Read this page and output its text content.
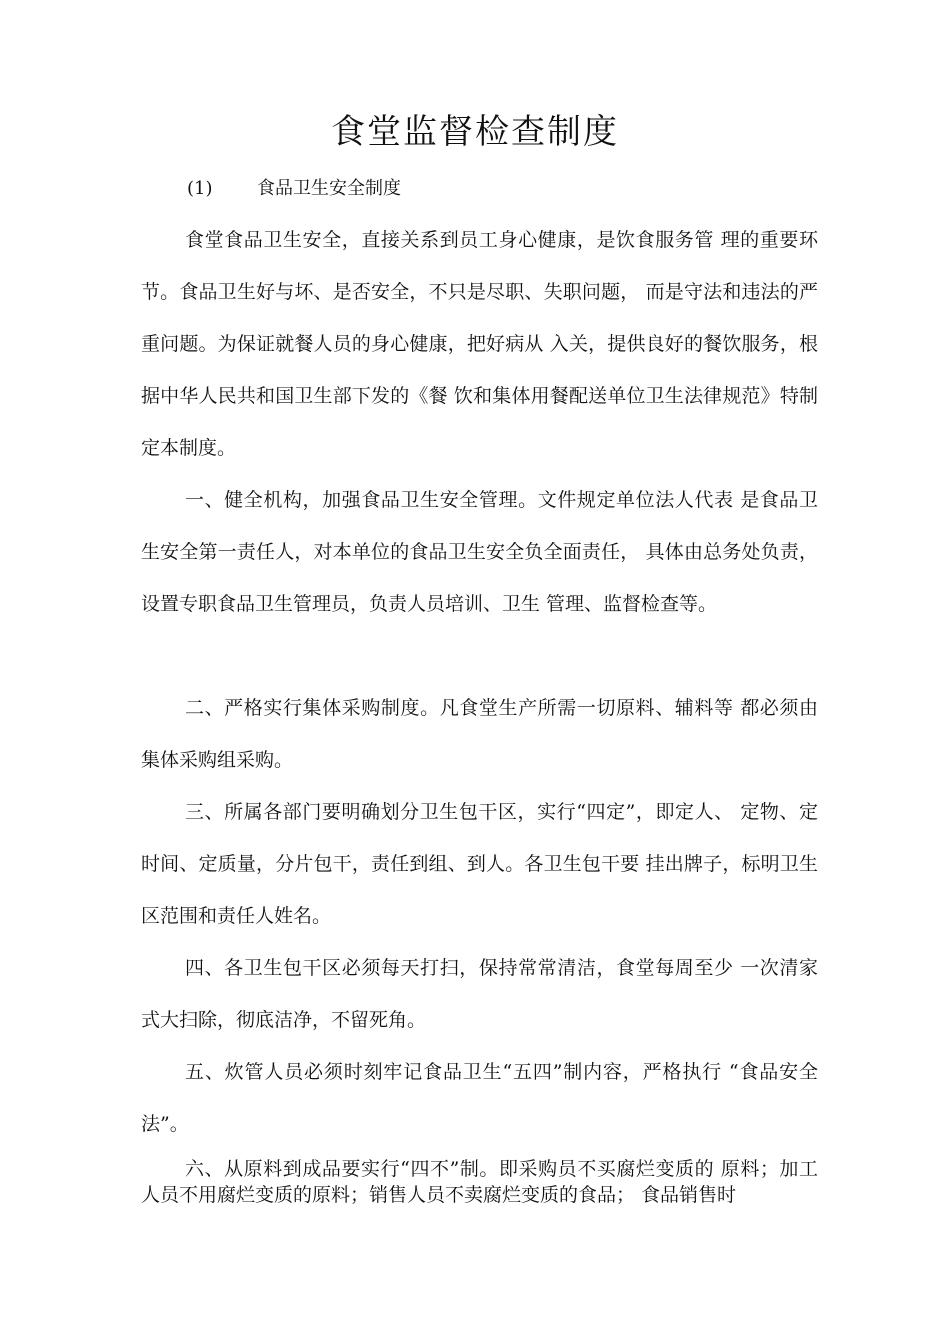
食堂监督检查制度
(1) 食品卫生安全制度

食堂食品卫生安全，直接关系到员工身心健康，是饮食服务管 理的重要环节。食品卫生好与坏、是否安全，不只是尽职、失职问题， 而是守法和违法的严重问题。为保证就餐人员的身心健康，把好病从 入关，提供良好的餐饮服务，根据中华人民共和国卫生部下发的《餐 饮和集体用餐配送单位卫生法律规范》特制定本制度。

一、健全机构，加强食品卫生安全管理。文件规定单位法人代表 是食品卫生安全第一责任人，对本单位的食品卫生安全负全面责任， 具体由总务处负责，设置专职食品卫生管理员，负责人员培训、卫生 管理、监督检查等。

二、严格实行集体采购制度。凡食堂生产所需一切原料、辅料等 都必须由集体采购组采购。

三、所属各部门要明确划分卫生包干区，实行“四定”，即定人、 定物、定时间、定质量，分片包干，责任到组、到人。各卫生包干要 挂出牌子，标明卫生区范围和责任人姓名。

四、各卫生包干区必须每天打扫，保持常常清洁，食堂每周至少 一次清家式大扫除，彻底洁净，不留死角。

五、炊管人员必须时刻牢记食品卫生“五四”制内容，严格执行 “食品安全法”。

六、从原料到成品要实行“四不”制。即采购员不买腐烂变质的 原料；加工人员不用腐烂变质的原料；销售人员不卖腐烂变质的食品； 食品销售时
